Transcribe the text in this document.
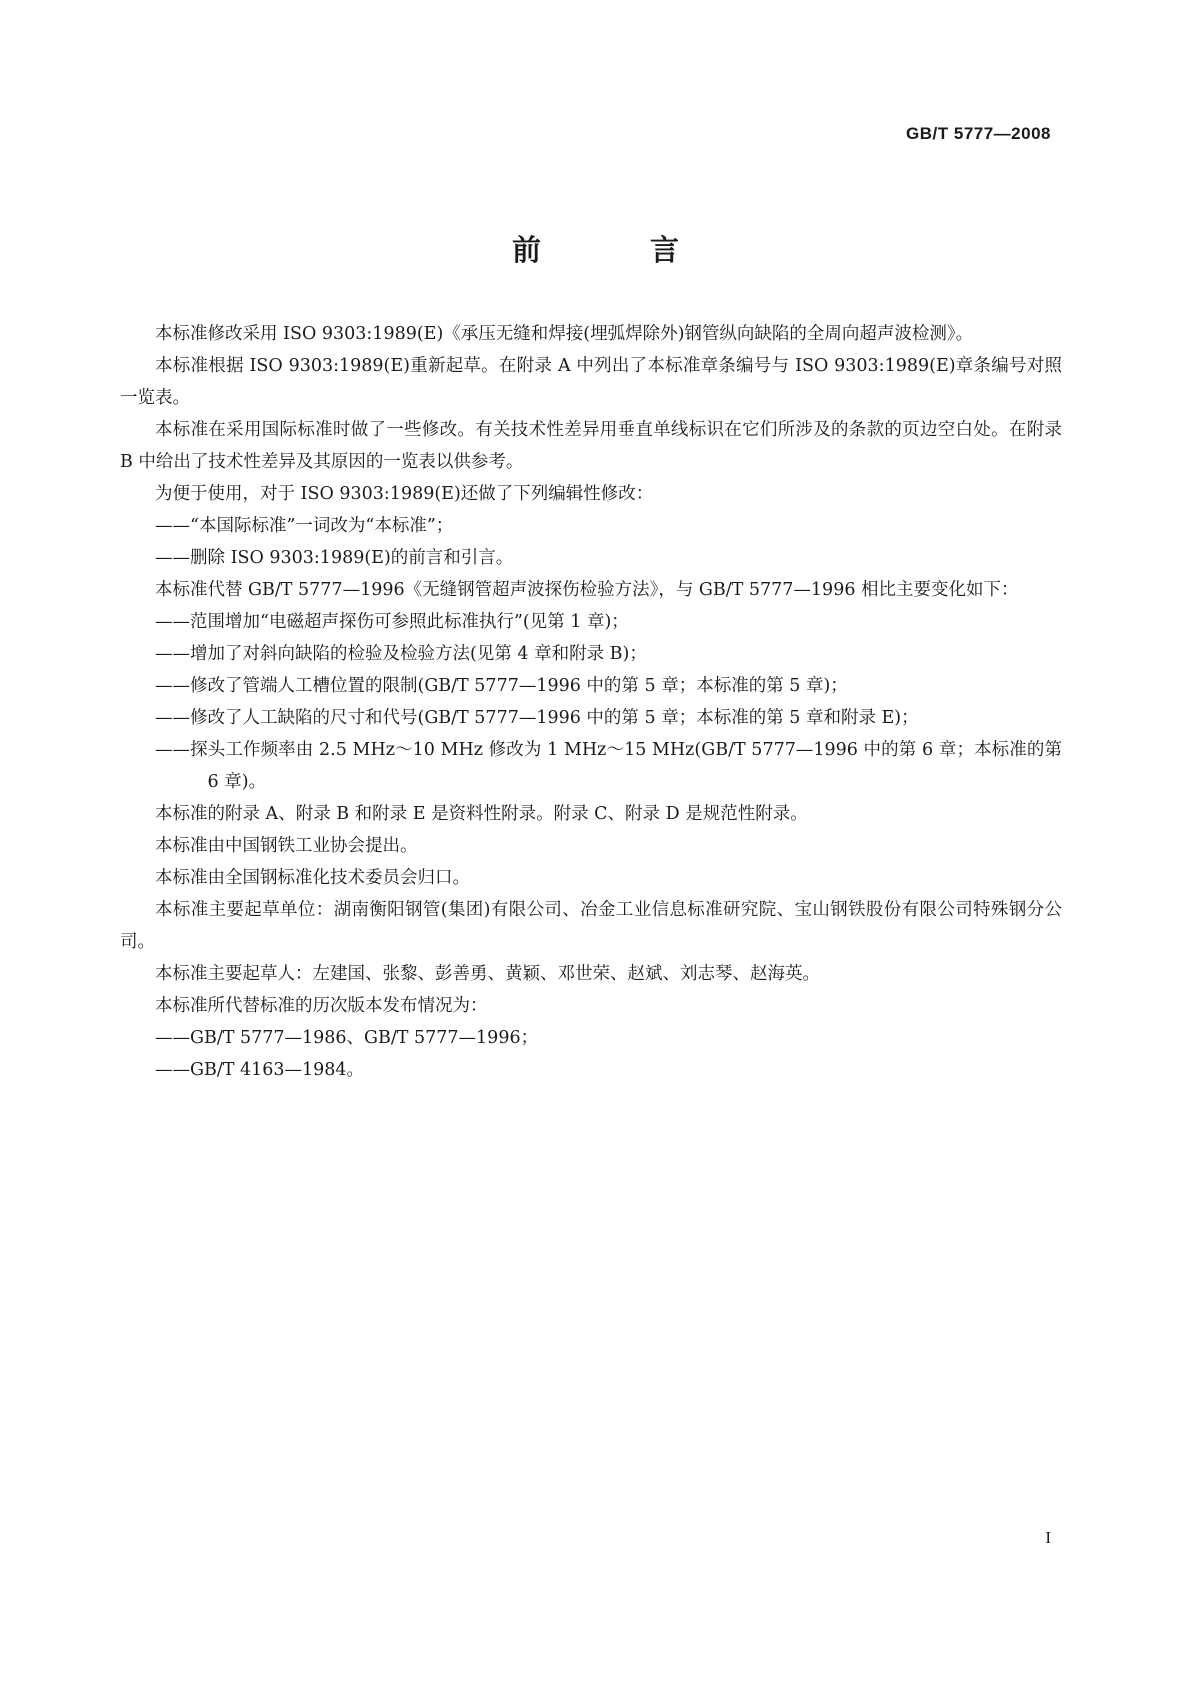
GB/T 5777—2008
前　言

本标准修改采用 ISO 9303:1989(E)《承压无缝和焊接(埋弧焊除外)钢管纵向缺陷的全周向超声波检测》。

本标准根据 ISO 9303:1989(E)重新起草。在附录 A 中列出了本标准章条编号与 ISO 9303:1989(E)章条编号对照一览表。

本标准在采用国际标准时做了一些修改。有关技术性差异用垂直单线标识在它们所涉及的条款的页边空白处。在附录 B 中给出了技术性差异及其原因的一览表以供参考。

为便于使用，对于 ISO 9303:1989(E)还做了下列编辑性修改：

——“本国际标准”一词改为“本标准”；

——删除 ISO 9303:1989(E)的前言和引言。

本标准代替 GB/T 5777—1996《无缝钢管超声波探伤检验方法》，与 GB/T 5777—1996 相比主要变化如下：

——范围增加“电磁超声探伤可参照此标准执行”(见第 1 章)；

——增加了对斜向缺陷的检验及检验方法(见第 4 章和附录 B)；

——修改了管端人工槽位置的限制(GB/T 5777—1996 中的第 5 章；本标准的第 5 章)；

——修改了人工缺陷的尺寸和代号(GB/T 5777—1996 中的第 5 章；本标准的第 5 章和附录 E)；

——探头工作频率由 2.5 MHz～10 MHz 修改为 1 MHz～15 MHz(GB/T 5777—1996 中的第 6 章；本标准的第 6 章)。

本标准的附录 A、附录 B 和附录 E 是资料性附录。附录 C、附录 D 是规范性附录。

本标准由中国钢铁工业协会提出。

本标准由全国钢标准化技术委员会归口。

本标准主要起草单位：湖南衡阳钢管(集团)有限公司、冶金工业信息标准研究院、宝山钢铁股份有限公司特殊钢分公司。

本标准主要起草人：左建国、张黎、彭善勇、黄颖、邓世荣、赵斌、刘志琴、赵海英。

本标准所代替标准的历次版本发布情况为：

——GB/T 5777—1986、GB/T 5777—1996；

——GB/T 4163—1984。

I
